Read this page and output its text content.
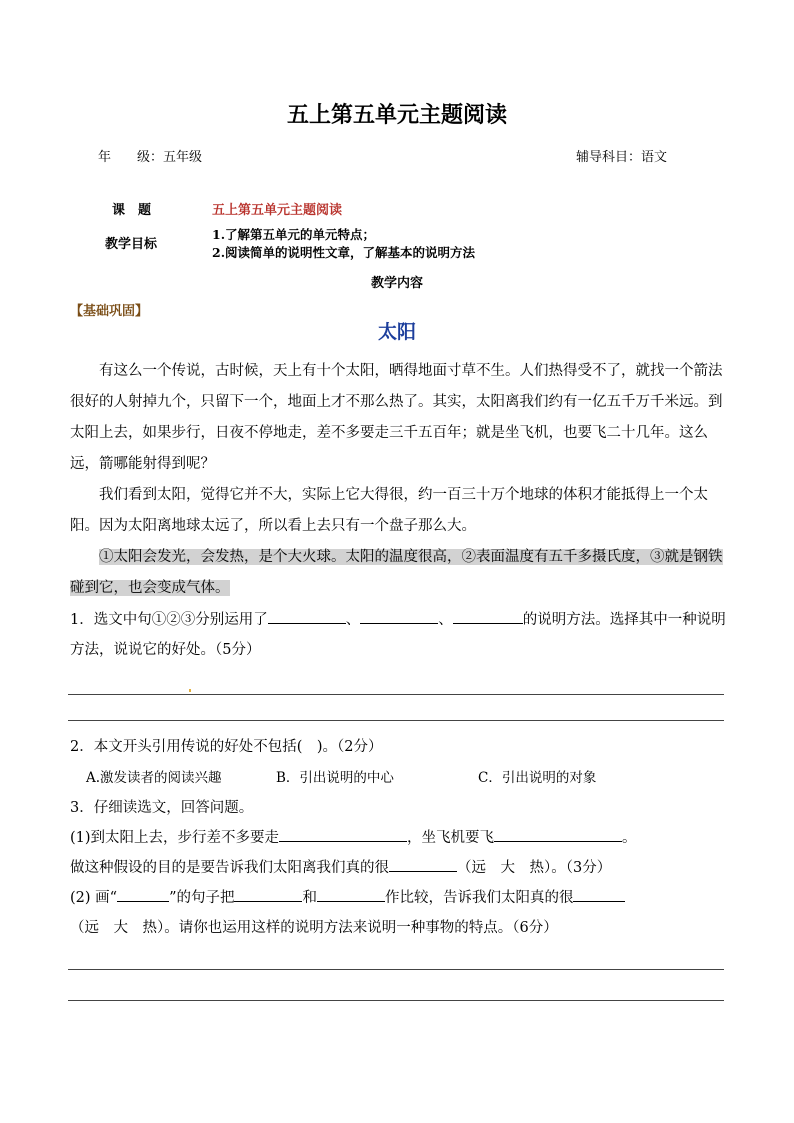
五上第五单元主题阅读
年　　级：五年级	辅导科目：语文
课　题	五上第五单元主题阅读
教学目标
1.了解第五单元的单元特点；
2.阅读简单的说明性文章，了解基本的说明方法
教学内容
【基础巩固】
太阳

有这么一个传说，古时候，天上有十个太阳，晒得地面寸草不生。人们热得受不了，就找一个箭法很好的人射掉九个，只留下一个，地面上才不那么热了。其实，太阳离我们约有一亿五千万千米远。到太阳上去，如果步行，日夜不停地走，差不多要走三千五百年；就是坐飞机，也要飞二十几年。这么远，箭哪能射得到呢？

我们看到太阳，觉得它并不大，实际上它大得很，约一百三十万个地球的体积才能抵得上一个太阳。因为太阳离地球太远了，所以看上去只有一个盘子那么大。

①太阳会发光，会发热，是个大火球。太阳的温度很高，②表面温度有五千多摄氏度，③就是钢铁碰到它，也会变成气体。

1．选文中句①②③分别运用了	、	、	的说明方法。选择其中一种说明方法，说说它的好处。（5分）

2．本文开头引用传说的好处不包括(　)。（2分）

A.激发读者的阅读兴趣	B．引出说明的中心	C．引出说明的对象

3．仔细读选文，回答问题。

(1)到太阳上去，步行差不多要走	，坐飞机要飞	。

做这种假设的目的是要告诉我们太阳离我们真的很	（远　大　热）。（3分）

(2) 画“	”的句子把	和	作比较，告诉我们太阳真的很

（远　大　热）。请你也运用这样的说明方法来说明一种事物的特点。（6分）
